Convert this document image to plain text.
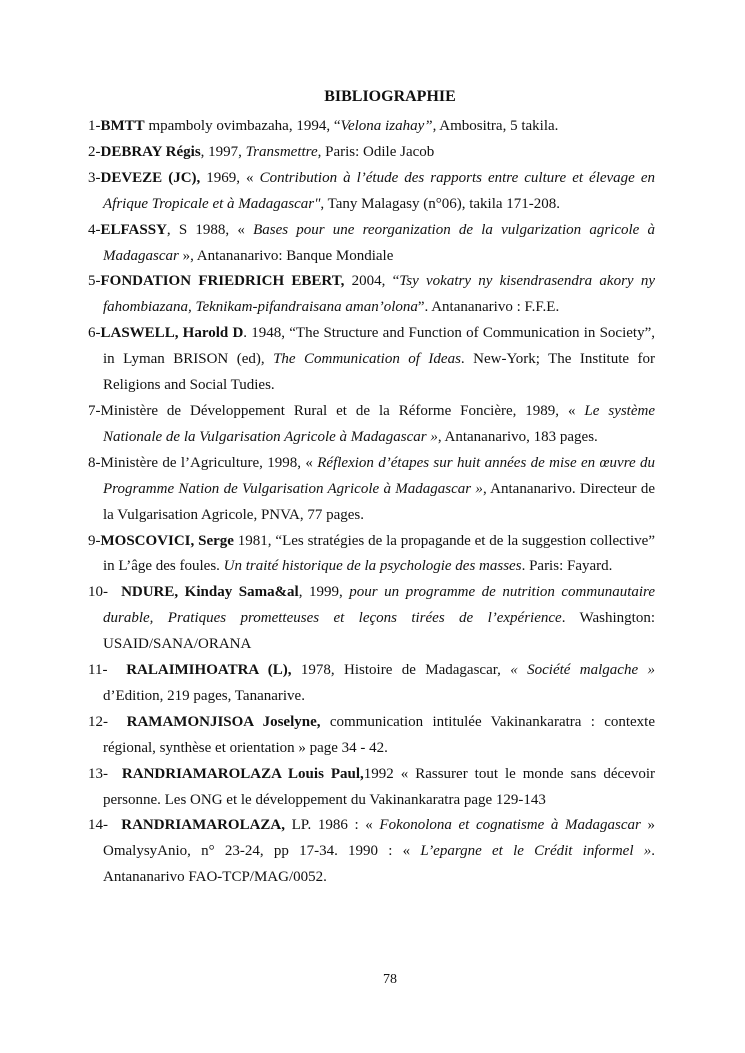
BIBLIOGRAPHIE

1-BMTT mpamboly ovimbazaha, 1994, “Velona izahay”, Ambositra, 5 takila.

2-DEBRAY Régis, 1997, Transmettre, Paris: Odile Jacob

3-DEVEZE (JC), 1969, « Contribution à l’étude des rapports entre culture et élevage en Afrique Tropicale et à Madagascar", Tany Malagasy (n°06), takila 171-208.

4-ELFASSY, S 1988, « Bases pour une reorganization de la vulgarization agricole à Madagascar », Antananarivo: Banque Mondiale

5-FONDATION FRIEDRICH EBERT, 2004, “Tsy vokatry ny kisendrasendra akory ny fahombiazana, Teknikam-pifandraisana aman’olona”. Antananarivo : F.F.E.

6-LASWELL, Harold D. 1948, “The Structure and Function of Communication in Society”, in Lyman BRISON (ed), The Communication of Ideas. New-York; The Institute for Religions and Social Tudies.

7-Ministère de Développement Rural et de la Réforme Foncière, 1989, « Le système Nationale de la Vulgarisation Agricole à Madagascar », Antananarivo, 183 pages.

8-Ministère de l’Agriculture, 1998, « Réflexion d’étapes sur huit années de mise en œuvre du Programme Nation de Vulgarisation Agricole à Madagascar », Antananarivo. Directeur de la Vulgarisation Agricole, PNVA, 77 pages.

9-MOSCOVICI, Serge 1981, “Les stratégies de la propagande et de la suggestion collective” in L’âge des foules. Un traité historique de la psychologie des masses. Paris: Fayard.

10-  NDURE, Kinday Sama&al, 1999, pour un programme de nutrition communautaire durable, Pratiques prometteuses et leçons tirées de l’expérience. Washington: USAID/SANA/ORANA

11-  RALAIMIHOATRA (L), 1978, Histoire de Madagascar, « Société malgache » d’Edition, 219 pages, Tananarive.

12-  RAMAMONJISOA Joselyne, communication intitulée Vakinankaratra : contexte régional, synthèse et orientation » page 34 - 42.

13-  RANDRIAMAROLAZA Louis Paul,1992 « Rassurer tout le monde sans décevoir personne. Les ONG et le développement du Vakinankaratra page 129-143

14-  RANDRIAMAROLAZA, LP. 1986 : « Fokonolona et cognatisme à Madagascar » OmalysyAnio, n° 23-24, pp 17-34. 1990 : « L’epargne et le Crédit informel ». Antananarivo FAO-TCP/MAG/0052.

78
